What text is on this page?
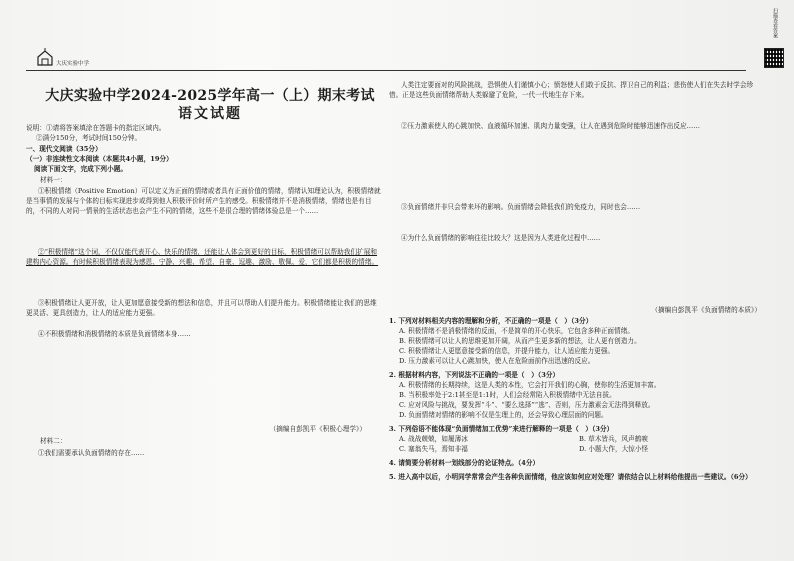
大庆实验中学
大庆实验中学2024-2025学年高一（上）期末考试
语文试题
扫描查看答案
说明：①请将答案填涂在答题卡的指定区域内。
②满分150分，考试时间150分钟。
一、现代文阅读（35分）
（一）非连续性文本阅读（本题共4小题，19分）
阅读下面文字，完成下列小题。
材料一：
①积极情绪（Positive Emotion）可以定义为正面的情绪或者具有正面价值的情绪，情绪认知理论认为，积极情绪就是当事情的发展与个体的目标实现进步或得到他人积极评价时所产生的感受。积极情绪并不是消极情绪，情绪也是有目的，不同的人对同一情景的生活状态也会产生不同的情绪，这些不是很合理的情绪体验总是一个……
②“积极情绪”这个词，不仅仅能代表开心、快乐的情绪，还能让人体会到更好的目标，积极情绪可以帮助我们扩展和建构内心资源。有时候积极情绪表现为感恩、宁静、兴趣、希望、自豪、逗趣、激励、敬佩、爱，它们都是积极的情绪。
③积极情绪让人更开放，让人更加愿意接受新的想法和信息，并且可以帮助人们提升能力。积极情绪能让我们的思维更灵活、更具创造力，让人的适应能力更强。
④不积极情绪和消极情绪的本质是负面情绪本身……
（摘编自彭凯平《积极心理学》）
材料二：
①我们需要承认负面情绪的存在……
人类注定要面对的风险挑战，恐惧使人们谨慎小心；愤怒使人们敢于反抗、捍卫自己的利益；悲伤使人们在失去时学会珍惜。正是这些负面情绪帮助人类躲避了危险，一代一代地生存下来。
②压力激素使人的心跳加快、血液循环加速、肌肉力量变强，让人在遇到危险时能够迅速作出反应……
③负面情绪并非只会带来坏的影响。负面情绪会降低我们的免疫力，同时也会……
④为什么负面情绪的影响往往比较大？这是因为人类进化过程中……
（摘编自彭凯平《负面情绪的本质》）
1. 下列对材料相关内容的理解和分析，不正确的一项是（　）（3分）
A. 积极情绪不是消极情绪的反面，不是简单的开心快乐，它包含多种正面情绪。
B. 积极情绪可以让人的思维更加开阔，从而产生更多新的想法，让人更有创造力。
C. 积极情绪让人更愿意接受新的信息，并提升能力，让人适应能力更强。
D. 压力激素可以让人心跳加快，使人在危险面前作出迅速的反应。
2. 根据材料内容，下列说法不正确的一项是（　）（3分）
A. 积极情绪的长期持续，这是人类的本性，它会打开我们的心胸，使你的生活更加丰富。
B. 当积极率处于2:1甚至是1:1时，人们会经常陷入积极情绪中无法自拔。
C. 应对风险与挑战，要发挥“斗”、“要么选择”“逃”、否则，压力激素会无法得到释放。
D. 负面情绪对情绪的影响不仅是生理上的，还会导致心理层面的问题。
3. 下列俗语不能体现“负面情绪加工优势”来进行解释的一项是（　）（3分）
A. 战战兢兢，如履薄冰	B. 草木皆兵，风声鹤唳
C. 塞翁失马，焉知非福	D. 小题大作，大惊小怪
4. 请简要分析材料一划线部分的论证特点。（4分）
5. 进入高中以后，小明同学常常会产生各种负面情绪，他应该如何应对处理？请依结合以上材料给他提出一些建议。（6分）
